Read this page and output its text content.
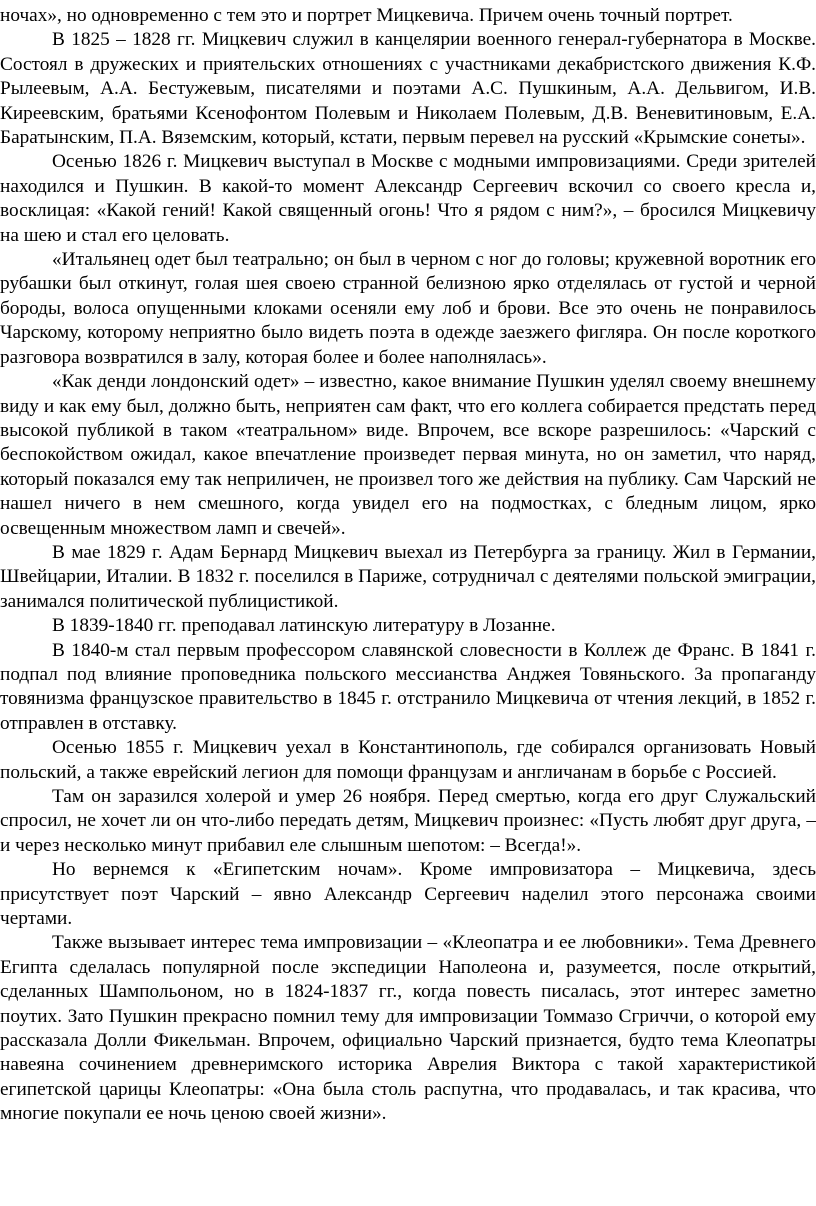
ночах», но одновременно с тем это и портрет Мицкевича. Причем очень точный портрет.

В 1825 – 1828 гг. Мицкевич служил в канцелярии военного генерал-губернатора в Москве. Состоял в дружеских и приятельских отношениях с участниками декабристского движения К.Ф. Рылеевым, А.А. Бестужевым, писателями и поэтами А.С. Пушкиным, А.А. Дельвигом, И.В. Киреевским, братьями Ксенофонтом Полевым и Николаем Полевым, Д.В. Веневитиновым, Е.А. Баратынским, П.А. Вяземским, который, кстати, первым перевел на русский «Крымские сонеты».

Осенью 1826 г. Мицкевич выступал в Москве с модными импровизациями. Среди зрителей находился и Пушкин. В какой-то момент Александр Сергеевич вскочил со своего кресла и, восклицая: «Какой гений! Какой священный огонь! Что я рядом с ним?», – бросился Мицкевичу на шею и стал его целовать.

«Итальянец одет был театрально; он был в черном с ног до головы; кружевной воротник его рубашки был откинут, голая шея своею странной белизною ярко отделялась от густой и черной бороды, волоса опущенными клоками осеняли ему лоб и брови. Все это очень не понравилось Чарскому, которому неприятно было видеть поэта в одежде заезжего фигляра. Он после короткого разговора возвратился в залу, которая более и более наполнялась».

«Как денди лондонский одет» – известно, какое внимание Пушкин уделял своему внешнему виду и как ему был, должно быть, неприятен сам факт, что его коллега собирается предстать перед высокой публикой в таком «театральном» виде. Впрочем, все вскоре разрешилось: «Чарский с беспокойством ожидал, какое впечатление произведет первая минута, но он заметил, что наряд, который показался ему так неприличен, не произвел того же действия на публику. Сам Чарский не нашел ничего в нем смешного, когда увидел его на подмостках, с бледным лицом, ярко освещенным множеством ламп и свечей».

В мае 1829 г. Адам Бернард Мицкевич выехал из Петербурга за границу. Жил в Германии, Швейцарии, Италии. В 1832 г. поселился в Париже, сотрудничал с деятелями польской эмиграции, занимался политической публицистикой.

В 1839-1840 гг. преподавал латинскую литературу в Лозанне.

В 1840-м стал первым профессором славянской словесности в Коллеж де Франс. В 1841 г. подпал под влияние проповедника польского мессианства Анджея Товяньского. За пропаганду товянизма французское правительство в 1845 г. отстранило Мицкевича от чтения лекций, в 1852 г. отправлен в отставку.

Осенью 1855 г. Мицкевич уехал в Константинополь, где собирался организовать Новый польский, а также еврейский легион для помощи французам и англичанам в борьбе с Россией.

Там он заразился холерой и умер 26 ноября. Перед смертью, когда его друг Служальский спросил, не хочет ли он что-либо передать детям, Мицкевич произнес: «Пусть любят друг друга, – и через несколько минут прибавил еле слышным шепотом: – Всегда!».

Но вернемся к «Египетским ночам». Кроме импровизатора – Мицкевича, здесь присутствует поэт Чарский – явно Александр Сергеевич наделил этого персонажа своими чертами.

Также вызывает интерес тема импровизации – «Клеопатра и ее любовники». Тема Древнего Египта сделалась популярной после экспедиции Наполеона и, разумеется, после открытий, сделанных Шампольоном, но в 1824-1837 гг., когда повесть писалась, этот интерес заметно поутих. Зато Пушкин прекрасно помнил тему для импровизации Томмазо Сгриччи, о которой ему рассказала Долли Фикельман. Впрочем, официально Чарский признается, будто тема Клеопатры навеяна сочинением древнеримского историка Аврелия Виктора с такой характеристикой египетской царицы Клеопатры: «Она была столь распутна, что продавалась, и так красива, что многие покупали ее ночь ценою своей жизни».
